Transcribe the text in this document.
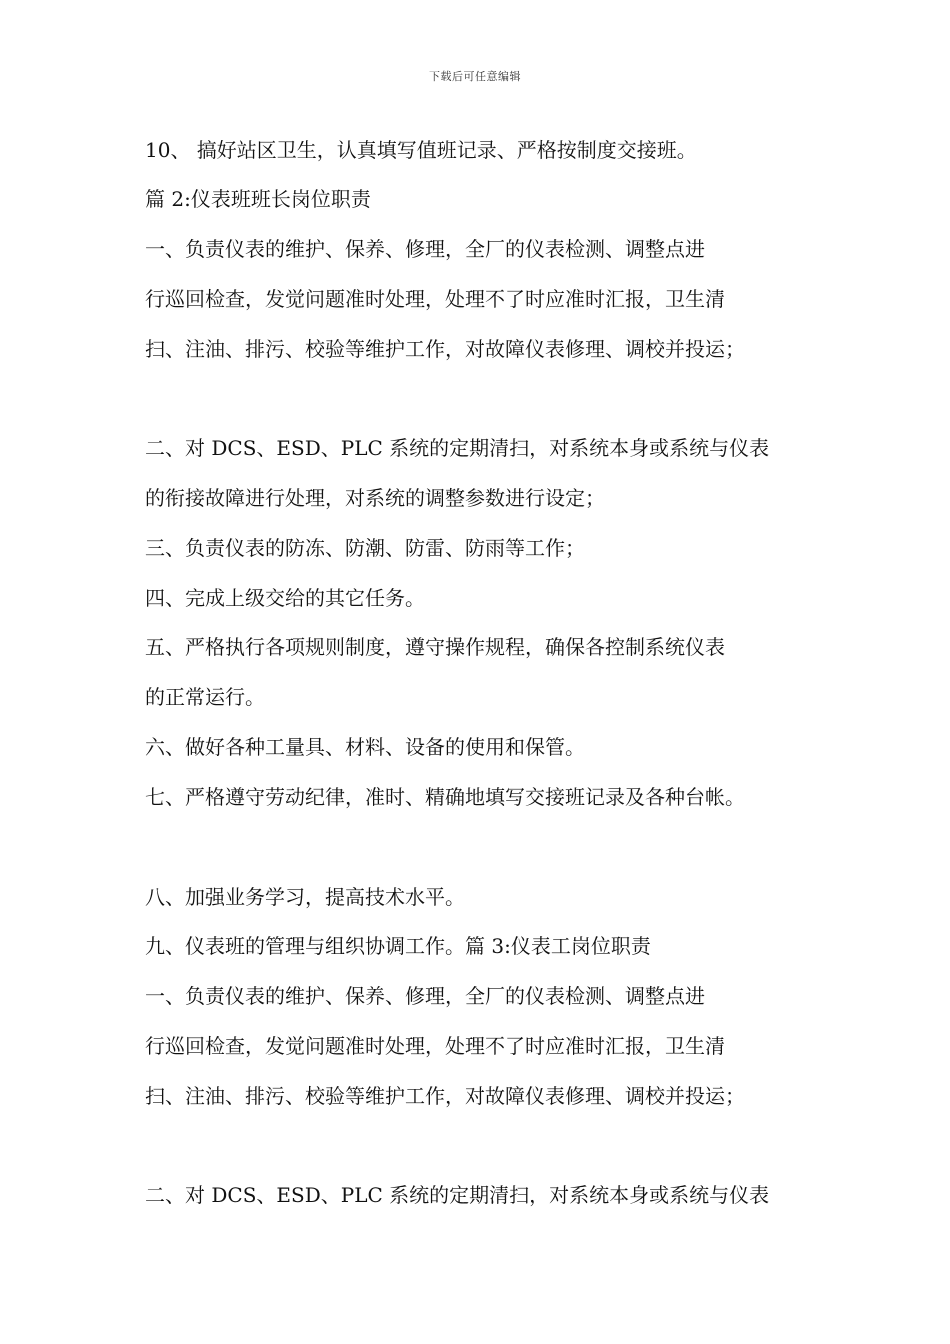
下载后可任意编辑
10、 搞好站区卫生，认真填写值班记录、严格按制度交接班。
篇 2:仪表班班长岗位职责
一、负责仪表的维护、保养、修理，全厂的仪表检测、调整点进
行巡回检查，发觉问题准时处理，处理不了时应准时汇报，卫生清
扫、注油、排污、校验等维护工作，对故障仪表修理、调校并投运；
二、对 DCS、ESD、PLC 系统的定期清扫，对系统本身或系统与仪表
的衔接故障进行处理，对系统的调整参数进行设定；
三、负责仪表的防冻、防潮、防雷、防雨等工作；
四、完成上级交给的其它任务。
五、严格执行各项规则制度，遵守操作规程，确保各控制系统仪表
的正常运行。
六、做好各种工量具、材料、设备的使用和保管。
七、严格遵守劳动纪律，准时、精确地填写交接班记录及各种台帐。
八、加强业务学习，提高技术水平。
九、仪表班的管理与组织协调工作。篇 3:仪表工岗位职责
一、负责仪表的维护、保养、修理，全厂的仪表检测、调整点进
行巡回检查，发觉问题准时处理，处理不了时应准时汇报，卫生清
扫、注油、排污、校验等维护工作，对故障仪表修理、调校并投运；
二、对 DCS、ESD、PLC 系统的定期清扫，对系统本身或系统与仪表
